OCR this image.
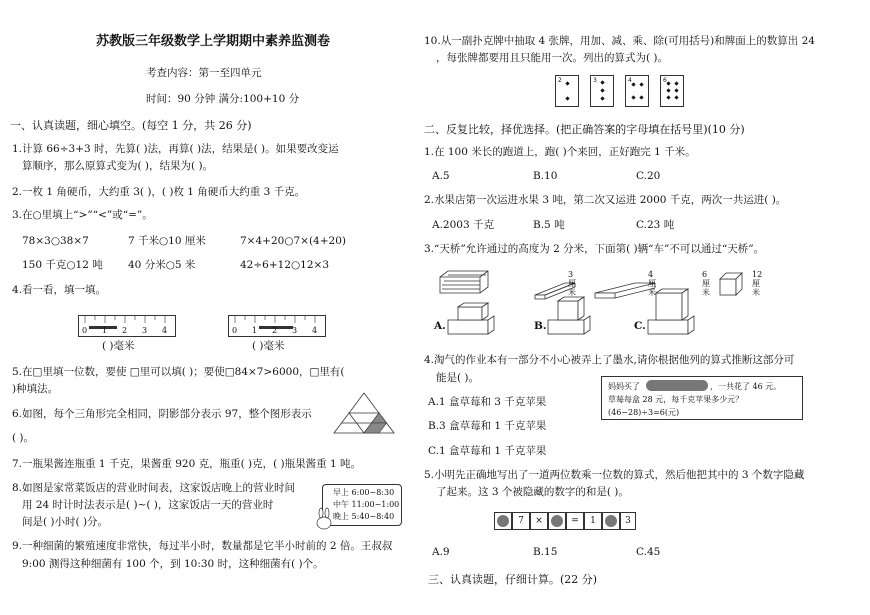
苏教版三年级数学上学期期中素养监测卷
考查内容：第一至四单元
时间：90 分钟 满分:100+10 分
一、认真读题，细心填空。(每空 1 分，共 26 分)
1.计算 66÷3+3 时，先算( )法，再算( )法，结果是( )。如果要改变运
算顺序，那么原算式变为( )，结果为( )。
2.一枚 1 角硬币，大约重 3( )，( )枚 1 角硬币大约重 3 千克。
3.在○里填上“>”“<”或“=”。
78×3○38×7	7 千米○10 厘米	7×4+20○7×(4+20)
150 千克○12 吨 40 分米○5 米	42÷6+12○12×3
4.看一看，填一填。
0 1 2 3 4
( )毫米
0 1 2 3 4
( )毫米
5.在□里填一位数，要使 □里可以填( )；要使□84×7>6000，□里有(
)种填法。
6.如图，每个三角形完全相同，阴影部分表示 97，整个图形表示
( )。
7.一瓶果酱连瓶重 1 千克，果酱重 920 克，瓶重( )克，( )瓶果酱重 1 吨。
8.如图是家常菜饭店的营业时间表，这家饭店晚上的营业时间
用 24 时计时法表示是( )~( )，这家饭店一天的营业时
间是( )小时( )分。
早上 6:00~8:30
中午 11:00~1:00
晚上 5:40~8:40
9.一种细菌的繁殖速度非常快，每过半小时，数量都是它半小时前的 2 倍。王叔叔
9:00 测得这种细菌有 100 个，到 10:30 时，这种细菌有( )个。
10.从一副扑克牌中抽取 4 张牌，用加、减、乘、除(可用括号)和牌面上的数算出 24
，每张牌都要用且只能用一次。列出的算式为( )。
2	3	4	6
二、反复比较，择优选择。(把正确答案的字母填在括号里)(10 分)
1.在 100 米长的跑道上，跑( )个来回，正好跑完 1 千米。
A.5	B.10	C.20
2.水果店第一次运进水果 3 吨，第二次又运进 2000 千克，两次一共运进( )。
A.2003 千克	B.5 吨	C.23 吨
3.“天桥”允许通过的高度为 2 分米，下面第( )辆“车”不可以通过“天桥”。
3 厘米
4 厘米
6 厘米
12 厘米
A.	B.	C.
4.淘气的作业本有一部分不小心被弄上了墨水,请你根据他列的算式推断这部分可
能是( )。
妈妈买了	，一共花了 46 元。
草莓每盒 28 元，每千克苹果多少元？
(46−28)÷3=6(元)
A.1 盒草莓和 3 千克苹果
B.3 盒草莓和 1 千克苹果
C.1 盒草莓和 1 千克苹果
5.小明先正确地写出了一道两位数乘一位数的算式，然后他把其中的 3 个数字隐藏
了起来。这 3 个被隐藏的数字的和是( )。
7	×	=	1	3
A.9	B.15	C.45
三、认真读题，仔细计算。(22 分)
